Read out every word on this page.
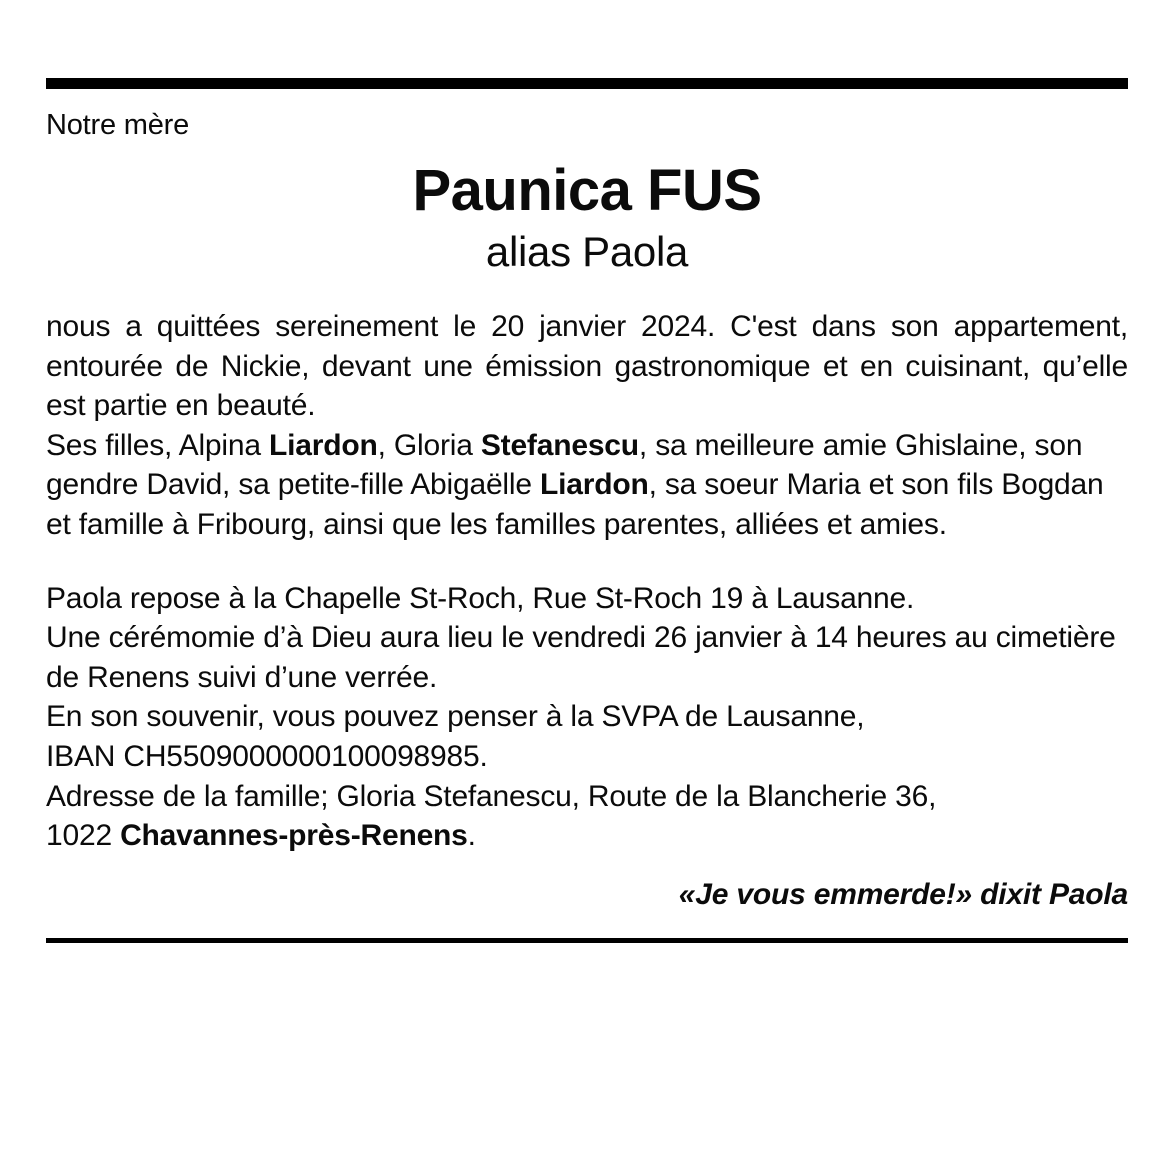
Notre mère
Paunica FUS
alias Paola

nous a quittées sereinement le 20 janvier 2024. C'est dans son appartement, entourée de Nickie, devant une émission gastronomique et en cuisinant, qu’elle est partie en beauté.

Ses filles, Alpina Liardon, Gloria Stefanescu, sa meilleure amie Ghislaine, son gendre David, sa petite-fille Abigaëlle Liardon, sa soeur Maria et son fils Bogdan et famille à Fribourg, ainsi que les familles parentes, alliées et amies.

Paola repose à la Chapelle St-Roch, Rue St-Roch 19 à Lausanne.

Une cérémomie d’à Dieu aura lieu le vendredi 26 janvier à 14 heures au cimetière de Renens suivi d’une verrée.

En son souvenir, vous pouvez penser à la SVPA de Lausanne,

IBAN CH5509000000100098985.

Adresse de la famille; Gloria Stefanescu, Route de la Blancherie 36,

1022 Chavannes-près-Renens.

«Je vous emmerde!» dixit Paola
